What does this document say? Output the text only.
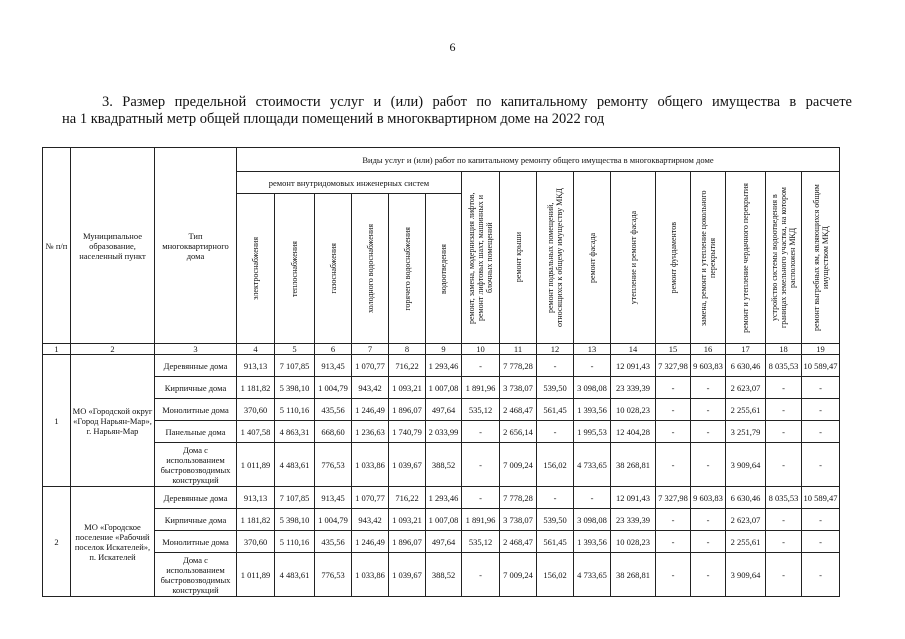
6
3. Размер предельной стоимости услуг и (или) работ по капитальному ремонту общего имущества в расчете
на 1 квадратный метр общей площади помещений в многоквартирном доме на 2022 год
№ п/п	Муниципальное образование, населенный пункт	Тип многоквартирного дома	Виды услуг и (или) работ по капитальному ремонту общего имущества в многоквартирном доме															
			ремонт внутридомовых инженерных систем						ремонт, замена, модернизация лифтов, ремонт лифтовых шахт, машинных и блочных помещений	ремонт крыши	ремонт подвальных помещений, относящихся к общему имуществу МКД	ремонт фасада	утепление и ремонт фасада	ремонт фундаментов	замена, ремонт и утепление цокольного перекрытия	ремонт и утепление чердачного перекрытия	устройство системы водоотведения в границах земельного участка, на котором расположен МКД	ремонт выгребных ям, являющихся общим имуществом МКД

			электроснабжения	теплоснабжения	газоснабжения	холодного водоснабжения	горячего водоснабжения	водоотведения										

1	2	3	4	5	6	7	8	9	10	11	12	13	14	15	16	17	18	19
1	МО «Городской округ «Город Нарьян-Мар», г. Нарьян-Мар	Деревянные дома	913,13	7 107,85	913,45	1 070,77	716,22	1 293,46	-	7 778,28	-	-	12 091,43	7 327,98	9 603,83	6 630,46	8 035,53	10 589,47
		Кирпичные дома	1 181,82	5 398,10	1 004,79	943,42	1 093,21	1 007,08	1 891,96	3 738,07	539,50	3 098,08	23 339,39	-	-	2 623,07	-	-
		Монолитные дома	370,60	5 110,16	435,56	1 246,49	1 896,07	497,64	535,12	2 468,47	561,45	1 393,56	10 028,23	-	-	2 255,61	-	-
		Панельные дома	1 407,58	4 863,31	668,60	1 236,63	1 740,79	2 033,99	-	2 656,14	-	1 995,53	12 404,28	-	-	3 251,79	-	-
		Дома с использованием быстровозводимых конструкций	1 011,89	4 483,61	776,53	1 033,86	1 039,67	388,52	-	7 009,24	156,02	4 733,65	38 268,81	-	-	3 909,64	-	-
2	МО «Городское поселение «Рабочий поселок Искателей», п. Искателей	Деревянные дома	913,13	7 107,85	913,45	1 070,77	716,22	1 293,46	-	7 778,28	-	-	12 091,43	7 327,98	9 603,83	6 630,46	8 035,53	10 589,47
		Кирпичные дома	1 181,82	5 398,10	1 004,79	943,42	1 093,21	1 007,08	1 891,96	3 738,07	539,50	3 098,08	23 339,39	-	-	2 623,07	-	-
		Монолитные дома	370,60	5 110,16	435,56	1 246,49	1 896,07	497,64	535,12	2 468,47	561,45	1 393,56	10 028,23	-	-	2 255,61	-	-
		Дома с использованием быстровозводимых конструкций	1 011,89	4 483,61	776,53	1 033,86	1 039,67	388,52	-	7 009,24	156,02	4 733,65	38 268,81	-	-	3 909,64	-	-
